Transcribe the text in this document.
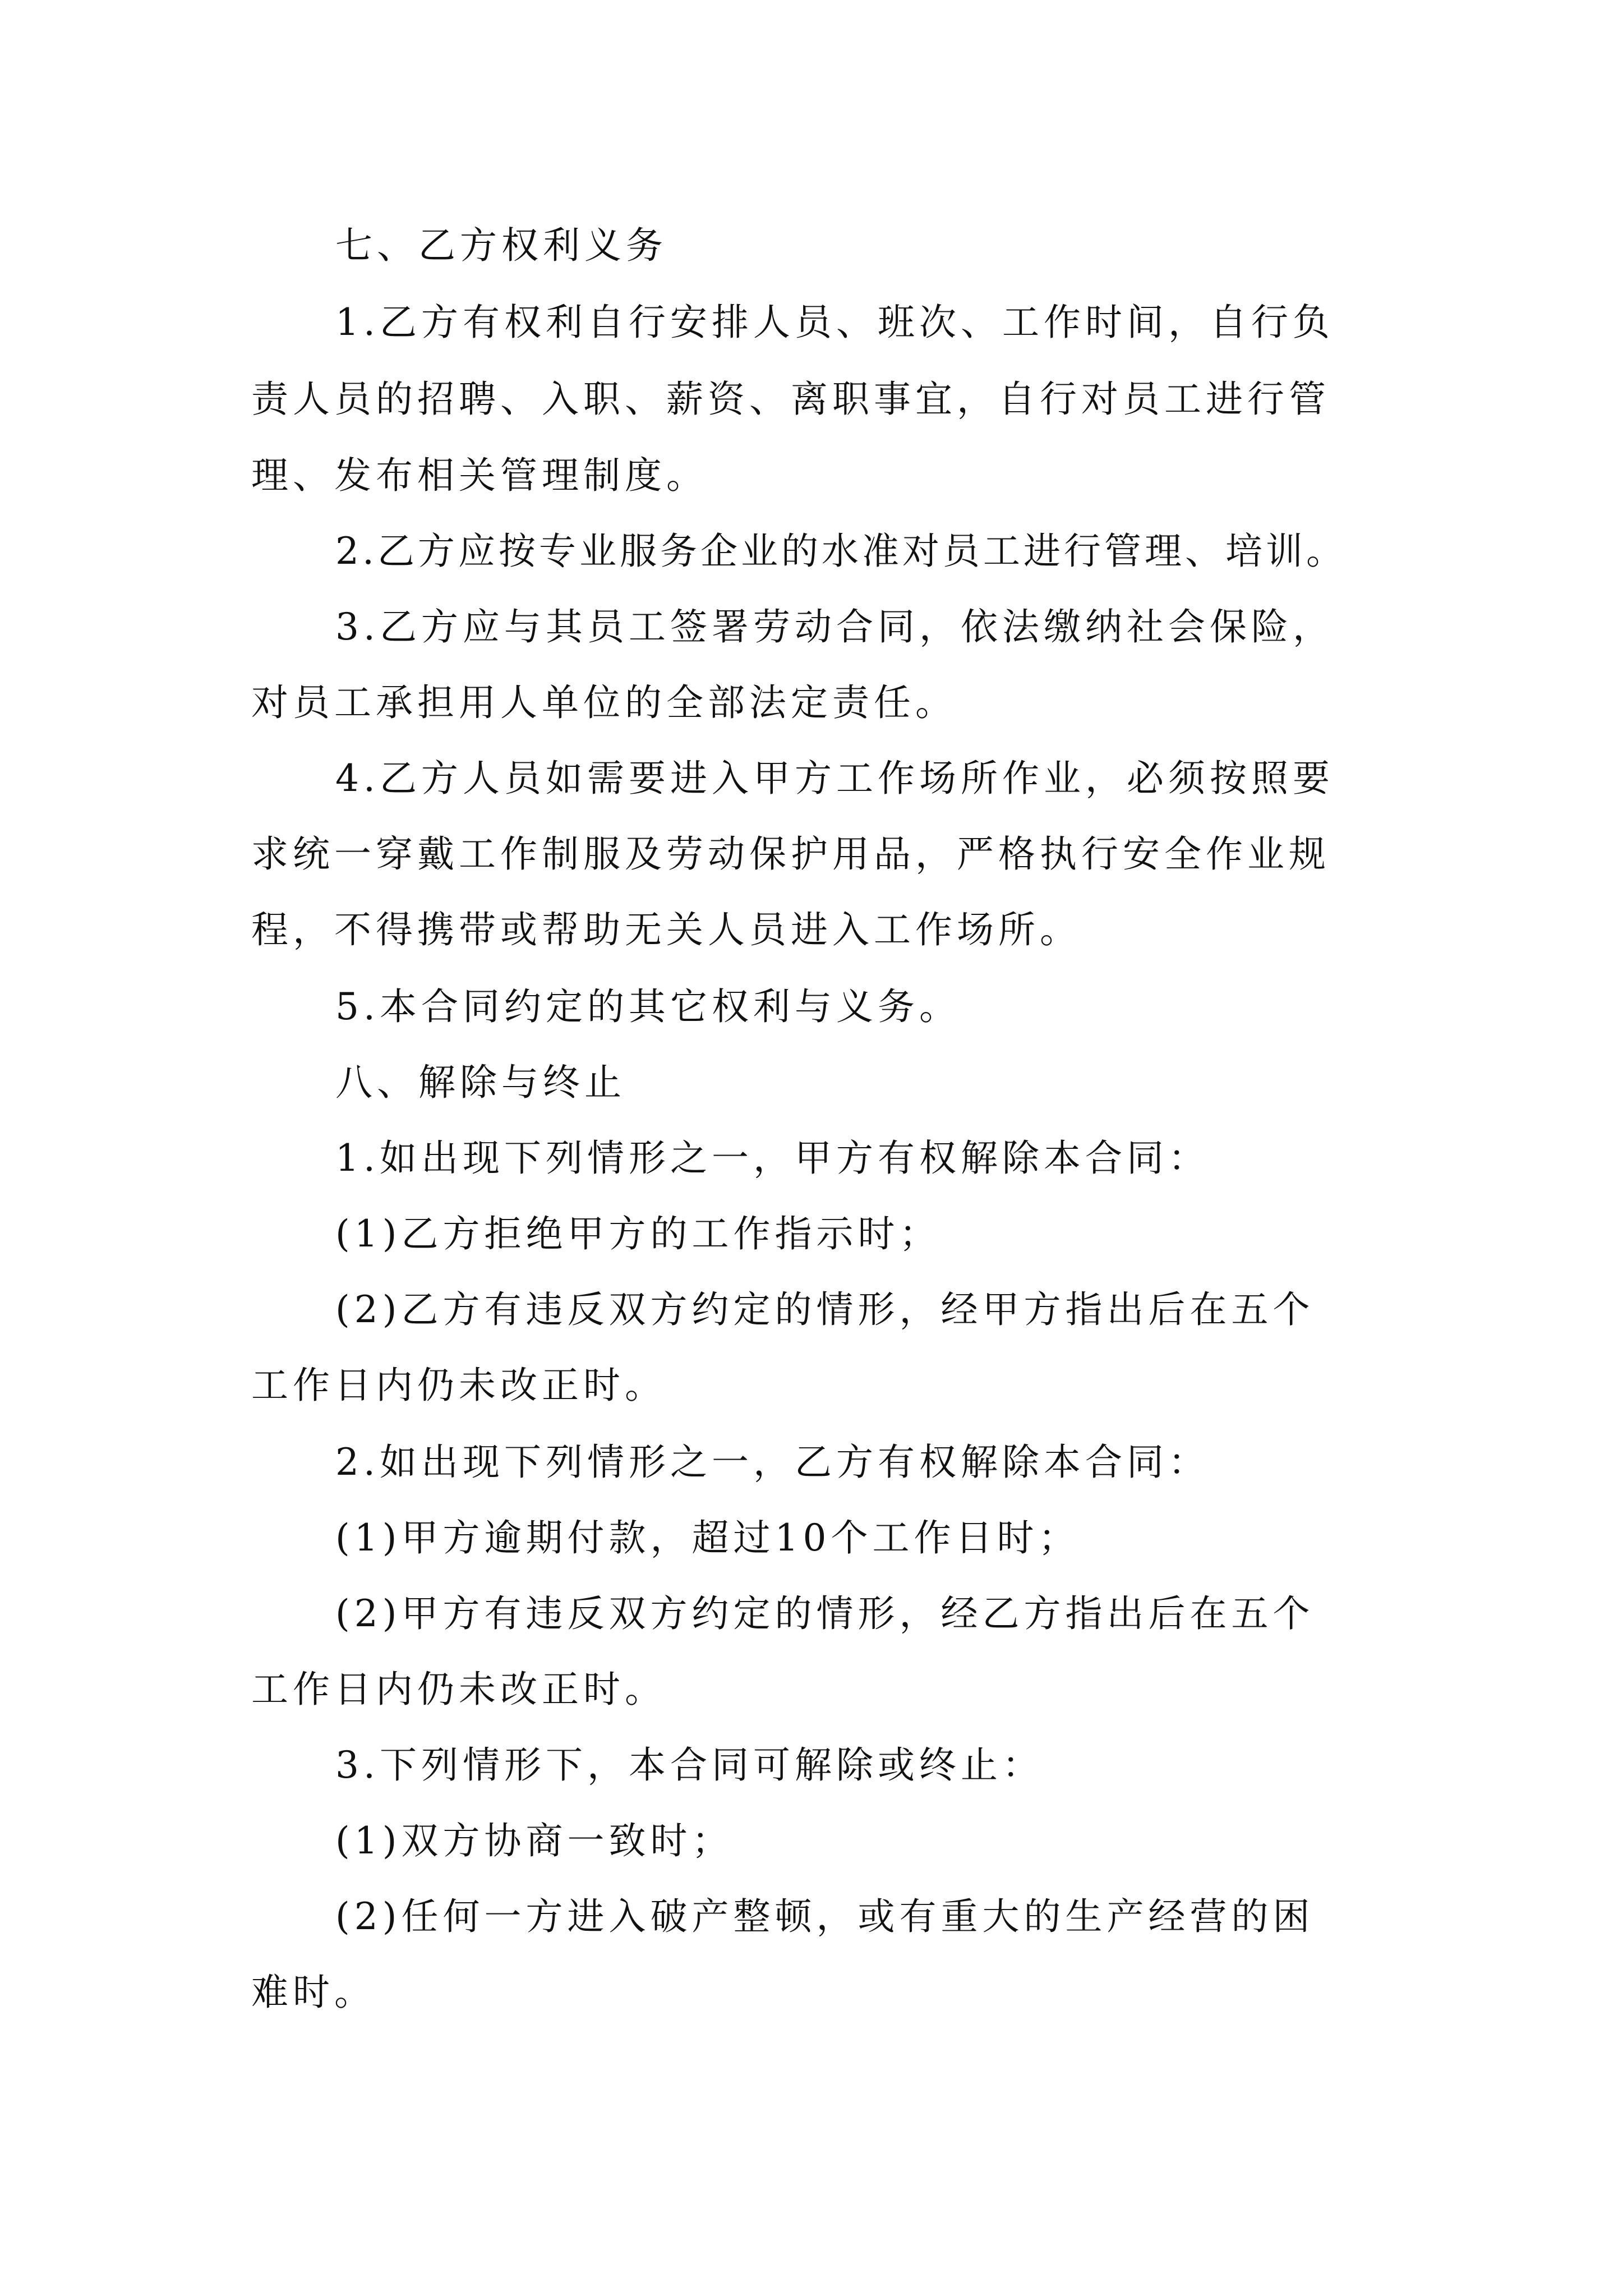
七、乙方权利义务
1.乙方有权利自行安排人员、班次、工作时间，自行负
责人员的招聘、入职、薪资、离职事宜，自行对员工进行管
理、发布相关管理制度。
2.乙方应按专业服务企业的水准对员工进行管理、培训。
3.乙方应与其员工签署劳动合同，依法缴纳社会保险，
对员工承担用人单位的全部法定责任。
4.乙方人员如需要进入甲方工作场所作业，必须按照要
求统一穿戴工作制服及劳动保护用品，严格执行安全作业规
程，不得携带或帮助无关人员进入工作场所。
5.本合同约定的其它权利与义务。
八、解除与终止
1.如出现下列情形之一，甲方有权解除本合同：
(1)乙方拒绝甲方的工作指示时；
(2)乙方有违反双方约定的情形，经甲方指出后在五个
工作日内仍未改正时。
2.如出现下列情形之一，乙方有权解除本合同：
(1)甲方逾期付款，超过10个工作日时；
(2)甲方有违反双方约定的情形，经乙方指出后在五个
工作日内仍未改正时。
3.下列情形下，本合同可解除或终止：
(1)双方协商一致时；
(2)任何一方进入破产整顿，或有重大的生产经营的困
难时。
